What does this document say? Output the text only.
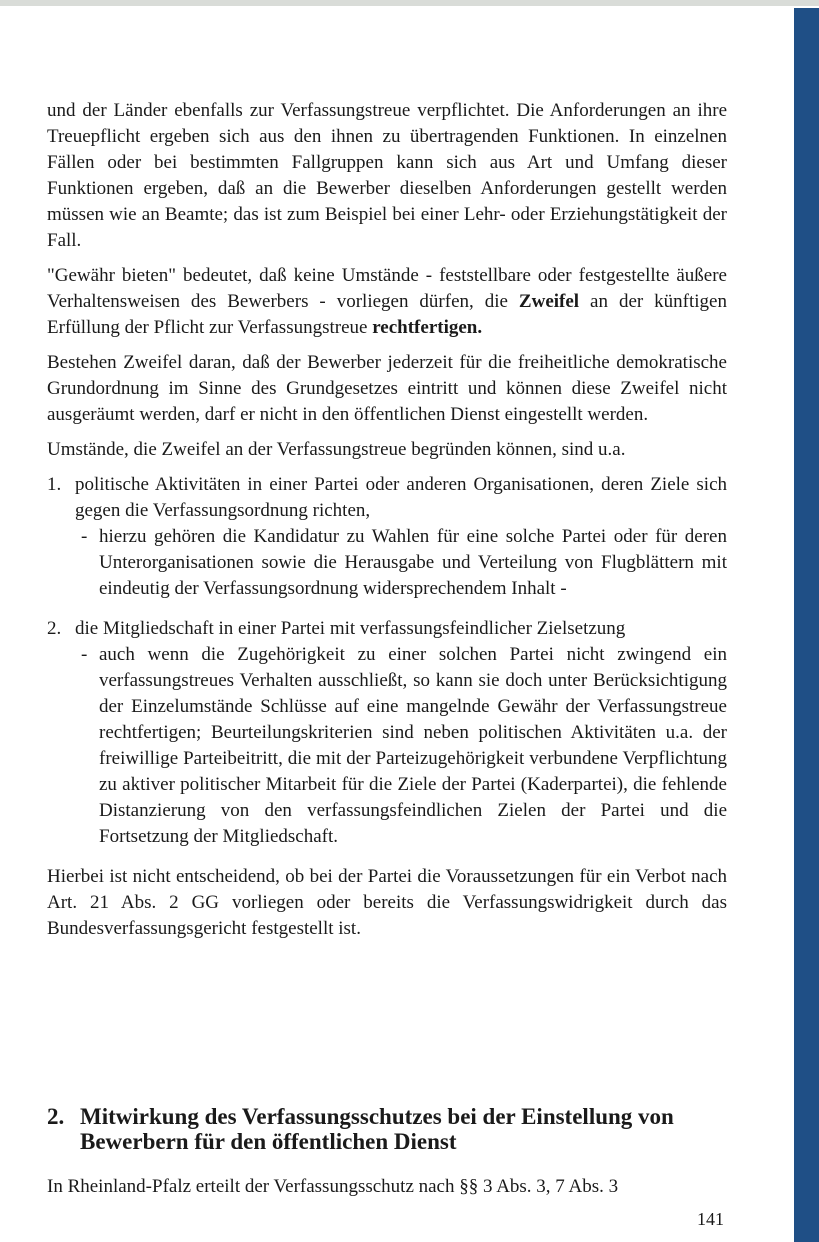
und der Länder ebenfalls zur Verfassungstreue verpflichtet. Die Anforderungen an ihre Treuepflicht ergeben sich aus den ihnen zu übertragenden Funktionen. In einzelnen Fällen oder bei bestimmten Fallgruppen kann sich aus Art und Umfang dieser Funktionen ergeben, daß an die Bewerber dieselben Anforderungen gestellt werden müssen wie an Beamte; das ist zum Beispiel bei einer Lehr- oder Erziehungstätigkeit der Fall.

"Gewähr bieten" bedeutet, daß keine Umstände - feststellbare oder festgestellte äußere Verhaltensweisen des Bewerbers - vorliegen dürfen, die Zweifel an der künftigen Erfüllung der Pflicht zur Verfassungstreue rechtfertigen.

Bestehen Zweifel daran, daß der Bewerber jederzeit für die freiheitliche demokratische Grundordnung im Sinne des Grundgesetzes eintritt und können diese Zweifel nicht ausgeräumt werden, darf er nicht in den öffentlichen Dienst eingestellt werden.

Umstände, die Zweifel an der Verfassungstreue begründen können, sind u.a.

1. politische Aktivitäten in einer Partei oder anderen Organisationen, deren Ziele sich gegen die Verfassungsordnung richten,
- hierzu gehören die Kandidatur zu Wahlen für eine solche Partei oder für deren Unterorganisationen sowie die Herausgabe und Verteilung von Flugblättern mit eindeutig der Verfassungsordnung widersprechendem Inhalt -
2. die Mitgliedschaft in einer Partei mit verfassungsfeindlicher Zielsetzung
- auch wenn die Zugehörigkeit zu einer solchen Partei nicht zwingend ein verfassungstreues Verhalten ausschließt, so kann sie doch unter Berücksichtigung der Einzelumstände Schlüsse auf eine mangelnde Gewähr der Verfassungstreue rechtfertigen; Beurteilungskriterien sind neben politischen Aktivitäten u.a. der freiwillige Parteibeitritt, die mit der Parteizugehörigkeit verbundene Verpflichtung zu aktiver politischer Mitarbeit für die Ziele der Partei (Kaderpartei), die fehlende Distanzierung von den verfassungsfeindlichen Zielen der Partei und die Fortsetzung der Mitgliedschaft.

Hierbei ist nicht entscheidend, ob bei der Partei die Voraussetzungen für ein Verbot nach Art. 21 Abs. 2 GG vorliegen oder bereits die Verfassungswidrigkeit durch das Bundesverfassungsgericht festgestellt ist.

2. Mitwirkung des Verfassungsschutzes bei der Einstellung von Bewerbern für den öffentlichen Dienst
In Rheinland-Pfalz erteilt der Verfassungsschutz nach §§ 3 Abs. 3, 7 Abs. 3
141
